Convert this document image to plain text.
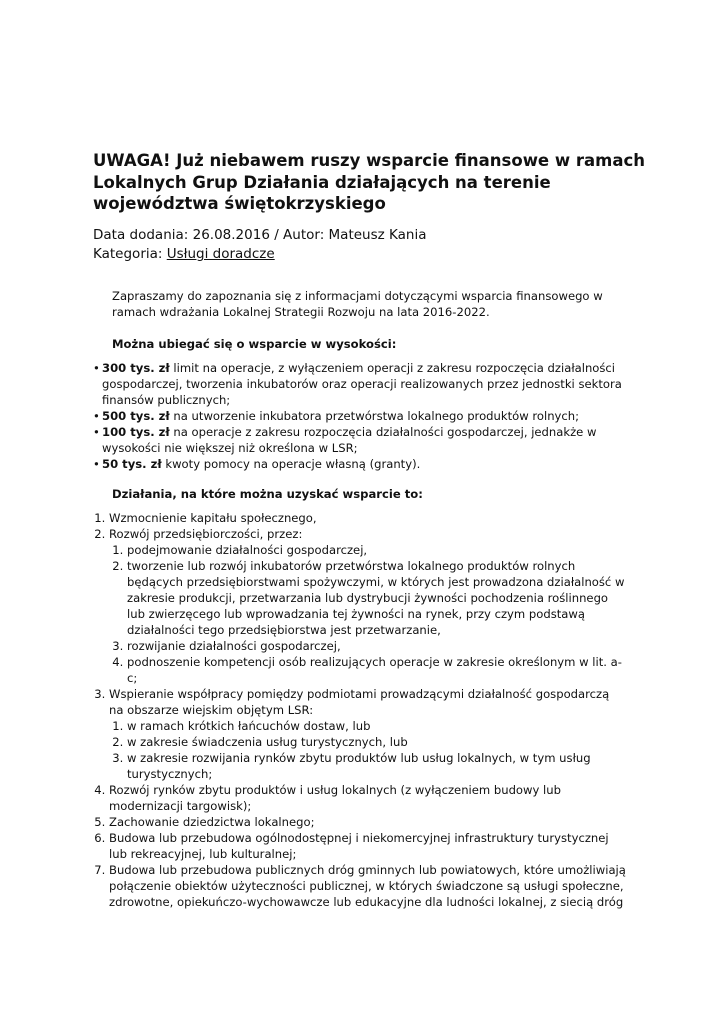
UWAGA! Już niebawem ruszy wsparcie finansowe w ramach Lokalnych Grup Działania działających na terenie województwa świętokrzyskiego
Data dodania: 26.08.2016 / Autor: Mateusz Kania
Kategoria: Usługi doradcze

Zapraszamy do zapoznania się z informacjami dotyczącymi wsparcia finansowego w ramach wdrażania Lokalnej Strategii Rozwoju na lata 2016-2022.

Można ubiegać się o wsparcie w wysokości:

• 300 tys. zł limit na operacje, z wyłączeniem operacji z zakresu rozpoczęcia działalności gospodarczej, tworzenia inkubatorów oraz operacji realizowanych przez jednostki sektora finansów publicznych;
• 500 tys. zł na utworzenie inkubatora przetwórstwa lokalnego produktów rolnych;
• 100 tys. zł na operacje z zakresu rozpoczęcia działalności gospodarczej, jednakże w wysokości nie większej niż określona w LSR;
• 50 tys. zł kwoty pomocy na operacje własną (granty).

Działania, na które można uzyskać wsparcie to:

1. Wzmocnienie kapitału społecznego,
2. Rozwój przedsiębiorczości, przez:
1. podejmowanie działalności gospodarczej,
2. tworzenie lub rozwój inkubatorów przetwórstwa lokalnego produktów rolnych będących przedsiębiorstwami spożywczymi, w których jest prowadzona działalność w zakresie produkcji, przetwarzania lub dystrybucji żywności pochodzenia roślinnego lub zwierzęcego lub wprowadzania tej żywności na rynek, przy czym podstawą działalności tego przedsiębiorstwa jest przetwarzanie,
3. rozwijanie działalności gospodarczej,
4. podnoszenie kompetencji osób realizujących operacje w zakresie określonym w lit. a-c;
3. Wspieranie współpracy pomiędzy podmiotami prowadzącymi działalność gospodarczą na obszarze wiejskim objętym LSR:
1. w ramach krótkich łańcuchów dostaw, lub
2. w zakresie świadczenia usług turystycznych, lub
3. w zakresie rozwijania rynków zbytu produktów lub usług lokalnych, w tym usług turystycznych;
4. Rozwój rynków zbytu produktów i usług lokalnych (z wyłączeniem budowy lub modernizacji targowisk);
5. Zachowanie dziedzictwa lokalnego;
6. Budowa lub przebudowa ogólnodostępnej i niekomercyjnej infrastruktury turystycznej lub rekreacyjnej, lub kulturalnej;
7. Budowa lub przebudowa publicznych dróg gminnych lub powiatowych, które umożliwiają połączenie obiektów użyteczności publicznej, w których świadczone są usługi społeczne, zdrowotne, opiekuńczo-wychowawcze lub edukacyjne dla ludności lokalnej, z siecią dróg
